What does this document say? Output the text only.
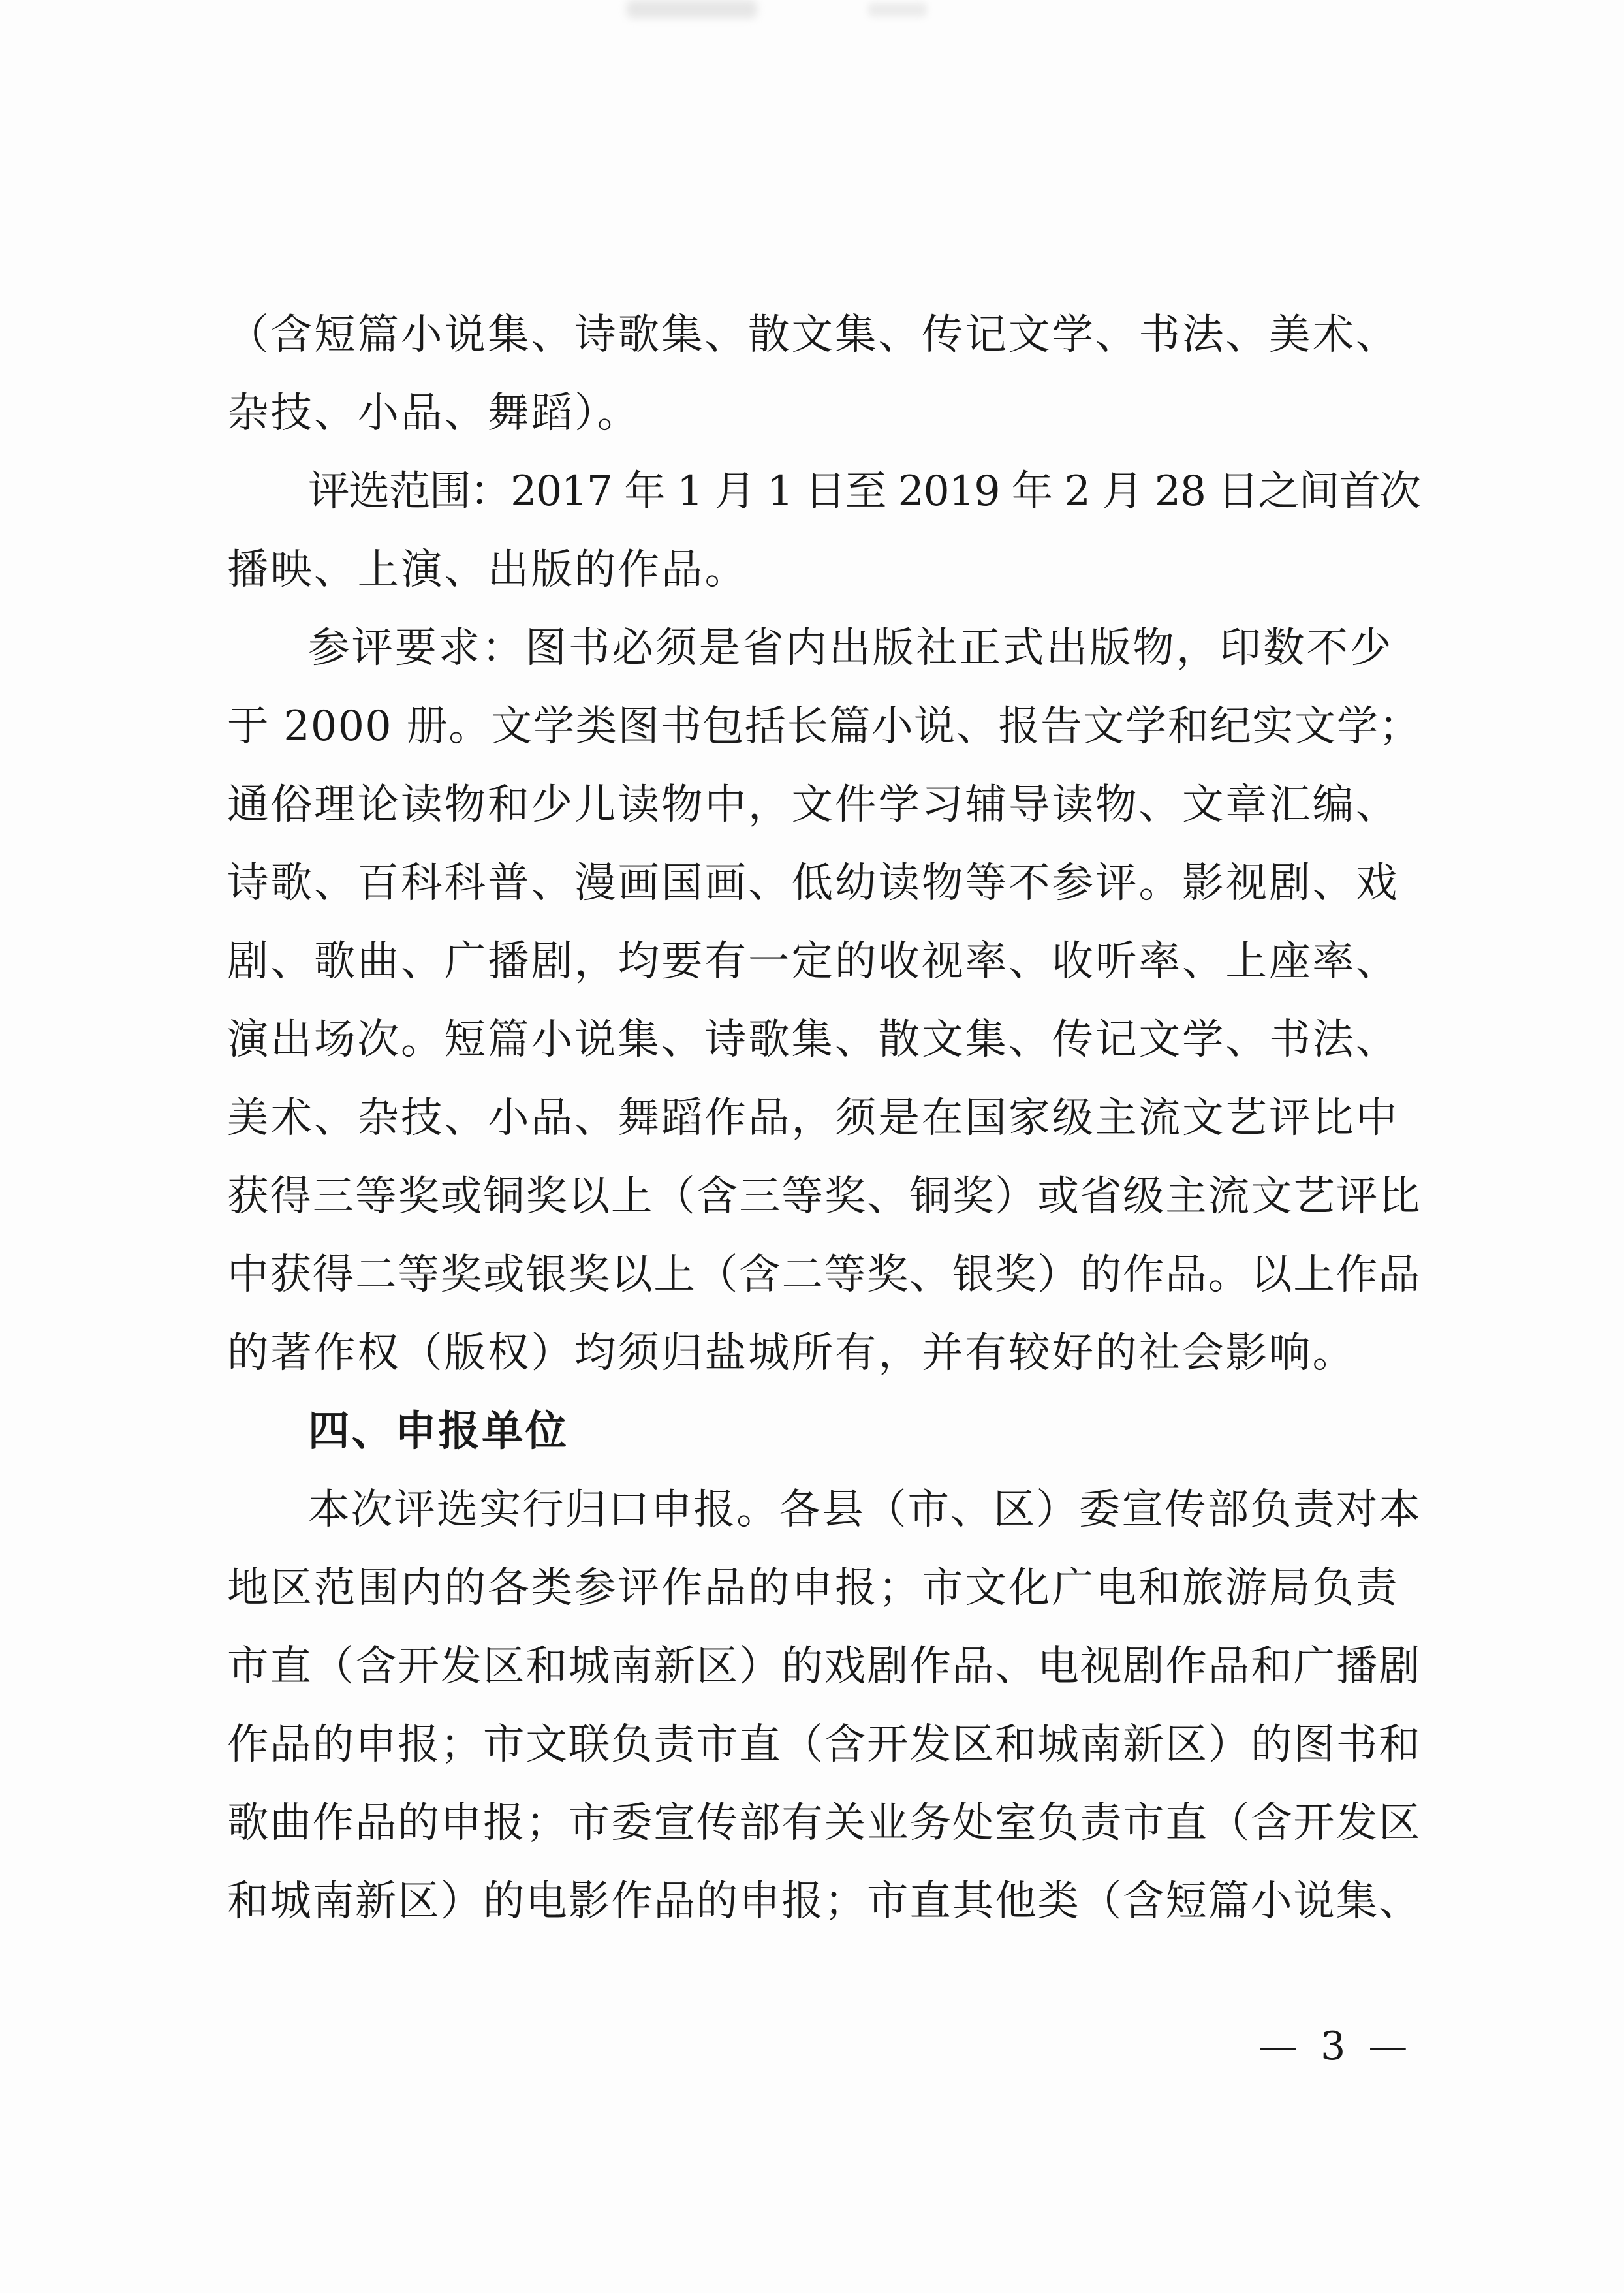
（含短篇小说集、诗歌集、散文集、传记文学、书法、美术、

杂技、小品、舞蹈）。

评选范围：2017 年 1 月 1 日至 2019 年 2 月 28 日之间首次

播映、上演、出版的作品。

参评要求：图书必须是省内出版社正式出版物，印数不少

于 2000 册。文学类图书包括长篇小说、报告文学和纪实文学；

通俗理论读物和少儿读物中，文件学习辅导读物、文章汇编、

诗歌、百科科普、漫画国画、低幼读物等不参评。影视剧、戏

剧、歌曲、广播剧，均要有一定的收视率、收听率、上座率、

演出场次。短篇小说集、诗歌集、散文集、传记文学、书法、

美术、杂技、小品、舞蹈作品，须是在国家级主流文艺评比中

获得三等奖或铜奖以上（含三等奖、铜奖）或省级主流文艺评比

中获得二等奖或银奖以上（含二等奖、银奖）的作品。以上作品

的著作权（版权）均须归盐城所有，并有较好的社会影响。

四、申报单位

本次评选实行归口申报。各县（市、区）委宣传部负责对本

地区范围内的各类参评作品的申报；市文化广电和旅游局负责

市直（含开发区和城南新区）的戏剧作品、电视剧作品和广播剧

作品的申报；市文联负责市直（含开发区和城南新区）的图书和

歌曲作品的申报；市委宣传部有关业务处室负责市直（含开发区

和城南新区）的电影作品的申报；市直其他类（含短篇小说集、

— 3 —
